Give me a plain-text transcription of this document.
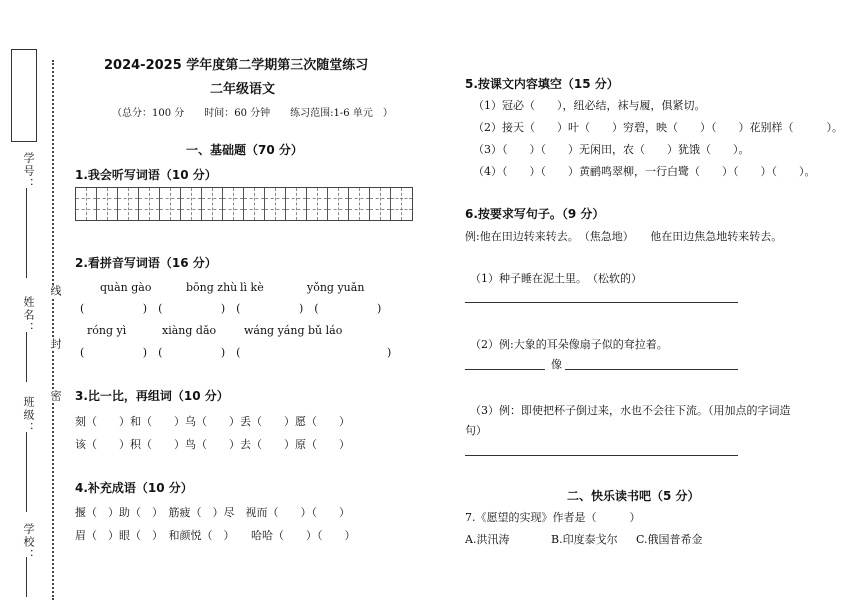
学号：
姓名：
班级：
学校：
线
封
密
2024-2025 学年度第二学期第三次随堂练习
二年级语文
（总分：100 分　　时间：60 分钟　　练习范围:1-6 单元　）
一、基础题（70 分）
1.我会听写词语（10 分）
2.看拼音写词语（16 分）
quàn gào	bōng zhù lì kè	yǒng yuǎn
(　　　　　 )　(　　　　　 )　(　　　　　 )　(　　　　　 )
róng yì	xiàng dǎo	wáng yáng bǔ láo
(　　　　　 )　(　　　　　 )　(　　　　　　　　　　　　　 )
3.比一比，再组词（10 分）
刻（　　）和（　　）乌（　　）丢（　　）愿（　　）
该（　　）积（　　）鸟（　　）去（　　）原（　　）
4.补充成语（10 分）
揠（　）助（　）　筋疲（　）尽　视而（　　）（　　）
眉（　）眼（　）　和颜悦（　）　　哈哈（　　）（　　）
5.按课文内容填空（15 分）
（1）冠必（　　），纽必结，袜与履，俱紧切。
（2）接天（　　）叶（　　）穷碧，映（　　）（　　）花别样（　　　）。
（3）（　　）（　　）无闲田，农（　　）犹饿（　　）。
（4）（　　）（　　）黄鹂鸣翠柳，一行白鹭（　　）（　　）（　　）。
6.按要求写句子。（9 分）
例:他在田边转来转去。　（焦急地）　　他在田边焦急地转来转去。
（1）种子睡在泥土里。　（松软的）
（2）例:大象的耳朵像扇子似的耷拉着。
像
（3）例：即使把杯子倒过来，水也不会往下流。（用加点的字词造
句）
二、快乐读书吧（5 分）
7.《愿望的实现》作者是（　　　）
A.洪汛涛	B.印度泰戈尔 C.俄国普希金
